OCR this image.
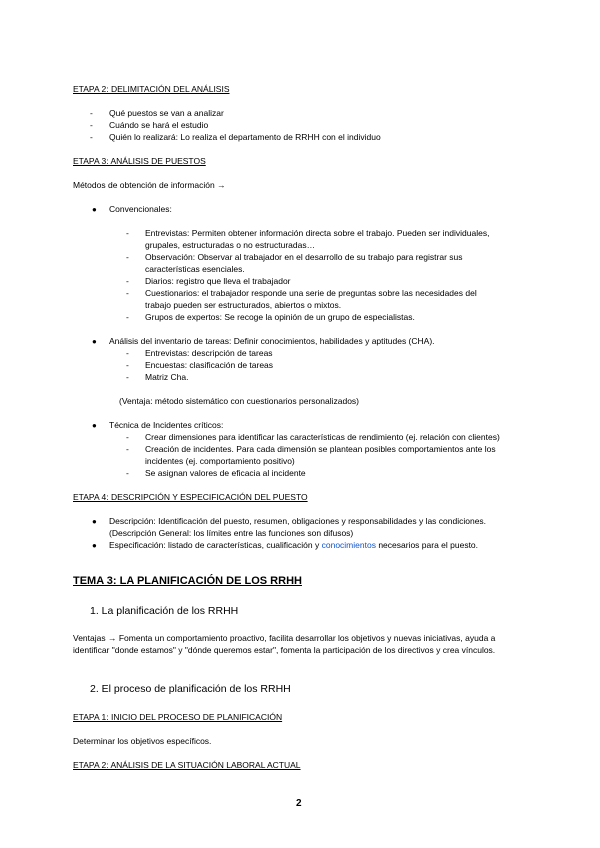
ETAPA 2: DELIMITACIÓN DEL ANÁLISIS
- Qué puestos se van a analizar
- Cuándo se hará el estudio
- Quién lo realizará: Lo realiza el departamento de RRHH con el individuo
ETAPA 3: ANÁLISIS DE PUESTOS
Métodos de obtención de información →
● Convencionales:
- Entrevistas: Permiten obtener información directa sobre el trabajo. Pueden ser individuales,
grupales, estructuradas o no estructuradas…
- Observación: Observar al trabajador en el desarrollo de su trabajo para registrar sus
características esenciales.
- Diarios: registro que lleva el trabajador
- Cuestionarios: el trabajador responde una serie de preguntas sobre las necesidades del
trabajo pueden ser estructurados, abiertos o mixtos.
- Grupos de expertos: Se recoge la opinión de un grupo de especialistas.
● Análisis del inventario de tareas: Definir conocimientos, habilidades y aptitudes (CHA).
- Entrevistas: descripción de tareas
- Encuestas: clasificación de tareas
- Matriz Cha.
(Ventaja: método sistemático con cuestionarios personalizados)
● Técnica de Incidentes críticos:
- Crear dimensiones para identificar las características de rendimiento (ej. relación con clientes)
- Creación de incidentes. Para cada dimensión se plantean posibles comportamientos ante los
incidentes (ej. comportamiento positivo)
- Se asignan valores de eficacia al incidente
ETAPA 4: DESCRIPCIÓN Y ESPECIFICACIÓN DEL PUESTO
● Descripción: Identificación del puesto, resumen, obligaciones y responsabilidades y las condiciones.
(Descripción General: los límites entre las funciones son difusos)
● Especificación: listado de características, cualificación y conocimientos necesarios para el puesto.
TEMA 3: LA PLANIFICACIÓN DE LOS RRHH
1. La planificación de los RRHH
Ventajas → Fomenta un comportamiento proactivo, facilita desarrollar los objetivos y nuevas iniciativas, ayuda a
identificar "donde estamos" y "dónde queremos estar", fomenta la participación de los directivos y crea vínculos.
2. El proceso de planificación de los RRHH
ETAPA 1: INICIO DEL PROCESO DE PLANIFICACIÓN
Determinar los objetivos específicos.
ETAPA 2: ANÁLISIS DE LA SITUACIÓN LABORAL ACTUAL
2
